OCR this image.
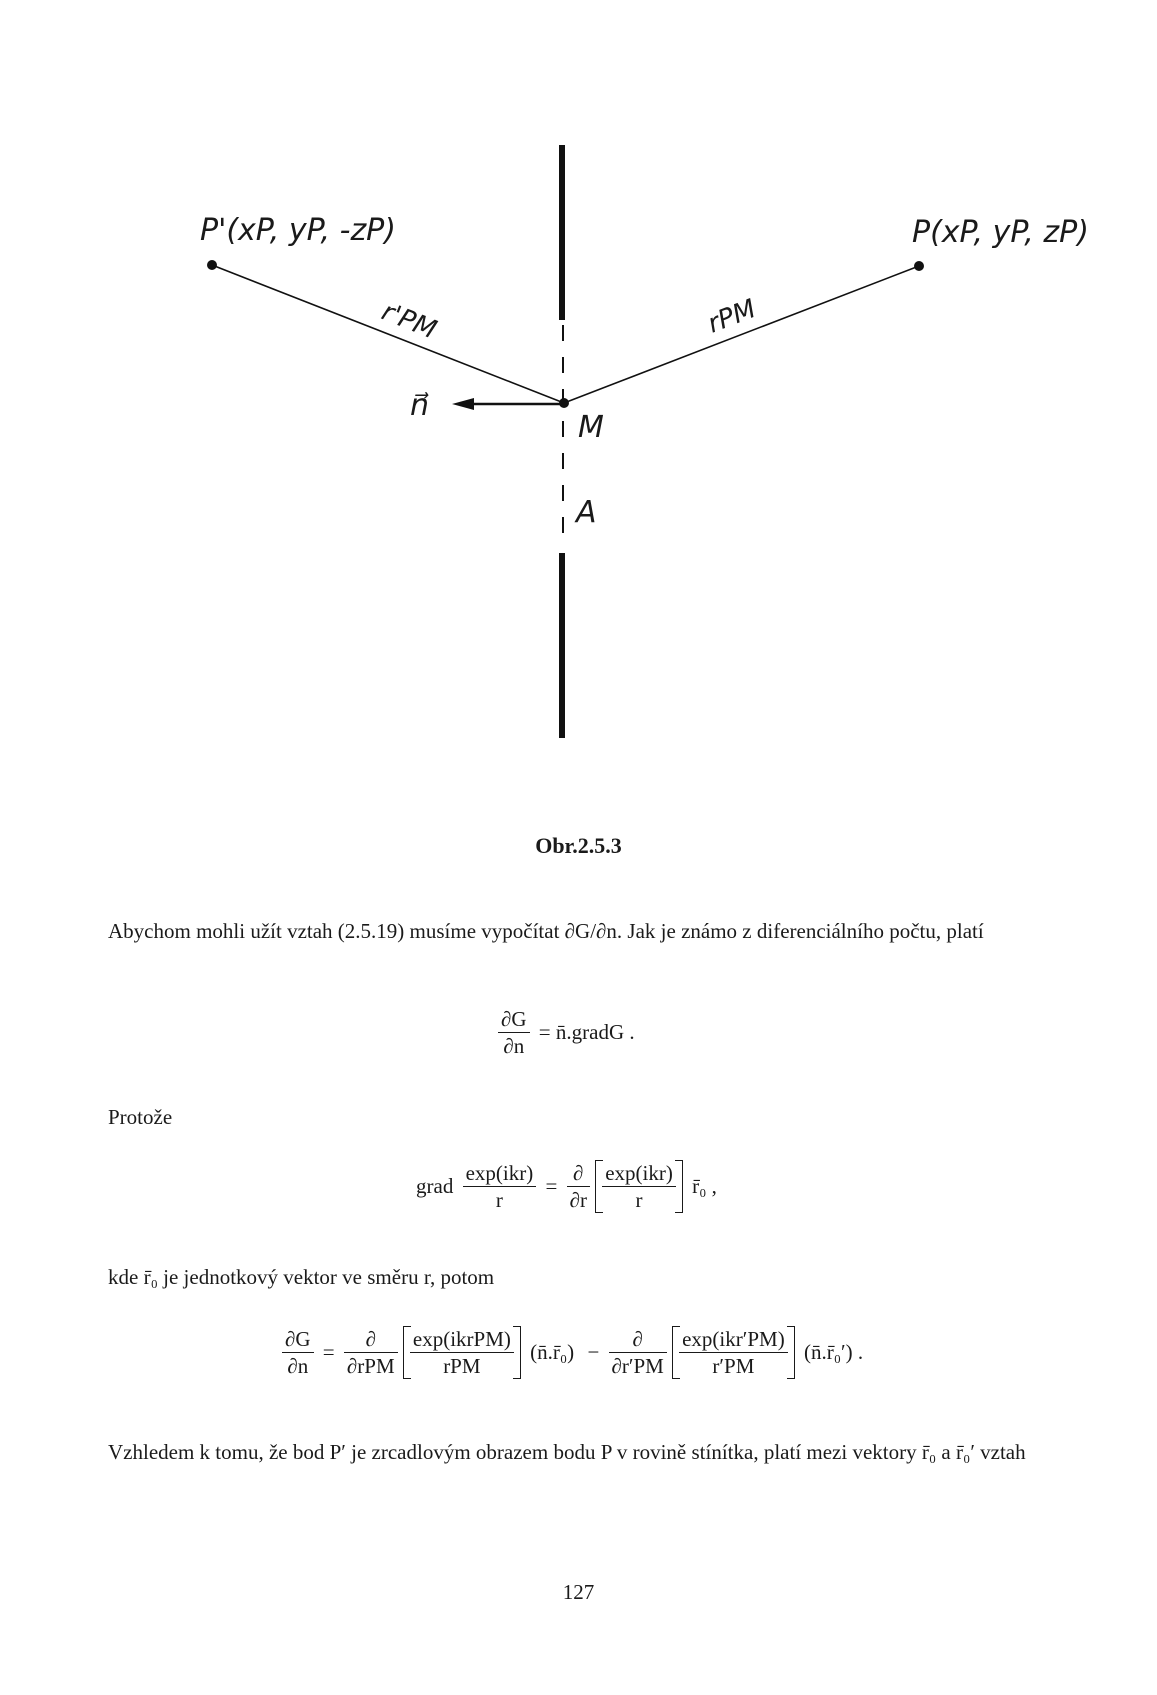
P'(xP, yP, -zP)	P(xP, yP, zP)
r'PM	rPM
n⃗
M
A
Obr.2.5.3
Abychom mohli užít vztah (2.5.19) musíme vypočítat ∂G/∂n. Jak je známo z diferenciálního počtu, platí
$\frac{\partial G}{\partial n}$ = n̄.gradG .
Protože
grad $\frac{\text{exp(ikr)}}{r} = \frac{\partial}{\partial r}$
$\frac{\text{exp(ikr)}}{r}$ r̄₀ ,
kde r̄₀ je jednotkový vektor ve směru r, potom
$\frac{\partial G}{\partial n} = \frac{\partial}{\text{∂rPM}}$
$\frac{\text{exp(ikrPM)}}{\text{rPM}}$ (n̄.r̄₀) − $\frac{\partial}{\partial r'PM}$
$\frac{\text{exp(ikr′PM)}}{r'PM}$ (n̄.r̄₀′) .
Vzhledem k tomu, že bod P′ je zrcadlovým obrazem bodu P v rovině stínítka, platí mezi vektory r̄₀ a r̄₀′ vztah
127
